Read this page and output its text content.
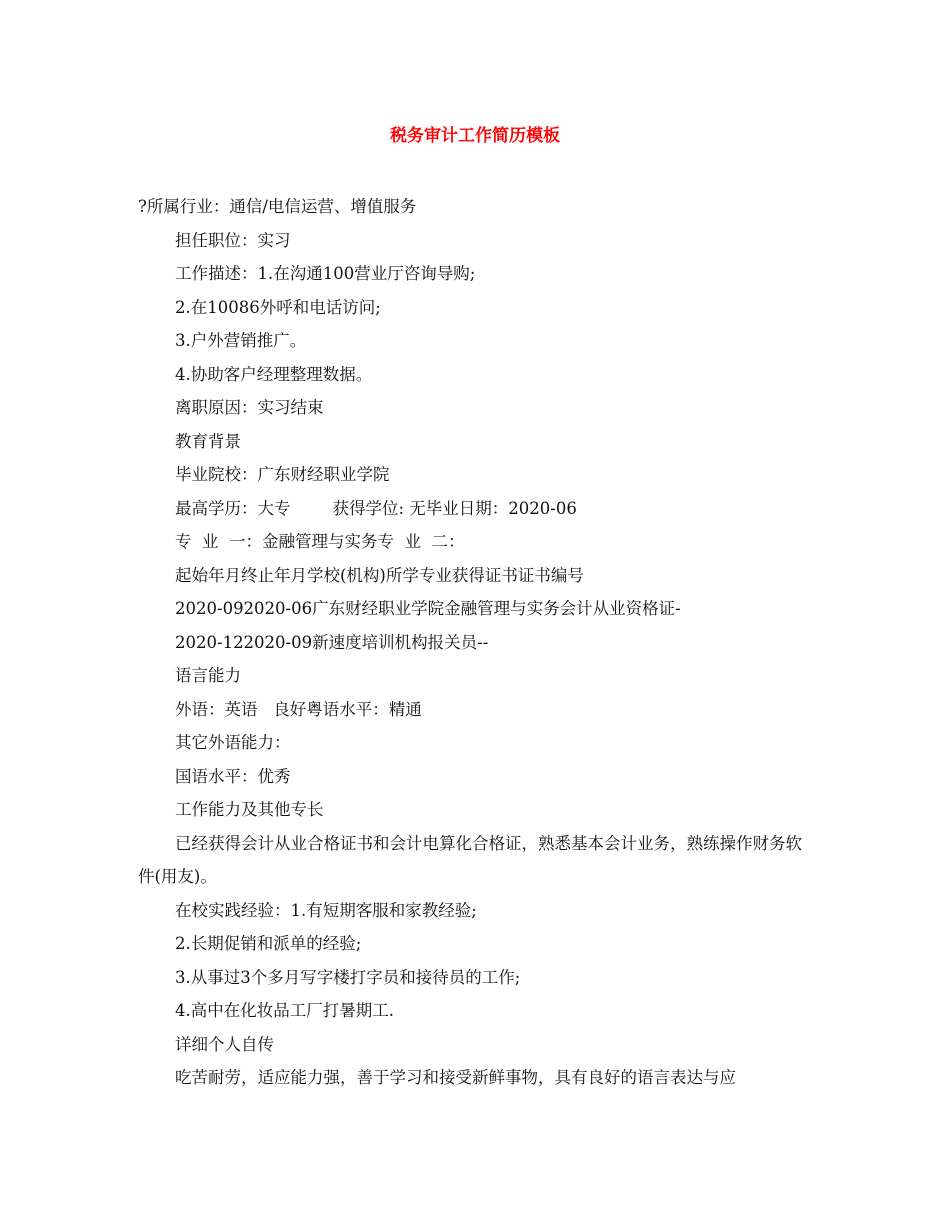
税务审计工作简历模板
?所属行业：通信/电信运营、增值服务
担任职位：实习
工作描述：1.在沟通100营业厅咨询导购;
2.在10086外呼和电话访问;
3.户外营销推广。
4.协助客户经理整理数据。
离职原因：实习结束
教育背景
毕业院校：广东财经职业学院
最高学历：大专        获得学位: 无毕业日期：2020-06
专  业  一：金融管理与实务专  业  二：
起始年月终止年月学校(机构)所学专业获得证书证书编号
2020-092020-06广东财经职业学院金融管理与实务会计从业资格证-
2020-122020-09新速度培训机构报关员--
语言能力
外语：英语   良好粤语水平：精通
其它外语能力：
国语水平：优秀
工作能力及其他专长
已经获得会计从业合格证书和会计电算化合格证，熟悉基本会计业务，熟练操作财务软件(用友)。
在校实践经验：1.有短期客服和家教经验;
2.长期促销和派单的经验;
3.从事过3个多月写字楼打字员和接待员的工作;
4.高中在化妆品工厂打暑期工.
详细个人自传
吃苦耐劳，适应能力强，善于学习和接受新鲜事物，具有良好的语言表达与应
